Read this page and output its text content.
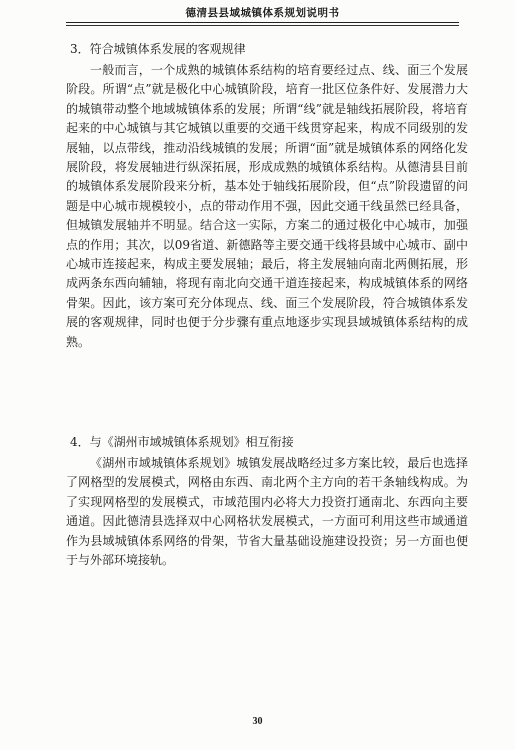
德清县县域城镇体系规划说明书
3．符合城镇体系发展的客观规律

一般而言，一个成熟的城镇体系结构的培育要经过点、线、面三个发展阶段。所谓“点”就是极化中心城镇阶段，培育一批区位条件好、发展潜力大的城镇带动整个地域城镇体系的发展；所谓“线”就是轴线拓展阶段，将培育起来的中心城镇与其它城镇以重要的交通干线贯穿起来，构成不同级别的发展轴，以点带线，推动沿线城镇的发展；所谓“面”就是城镇体系的网络化发展阶段，将发展轴进行纵深拓展，形成成熟的城镇体系结构。从德清县目前的城镇体系发展阶段来分析，基本处于轴线拓展阶段，但“点”阶段遗留的问题是中心城市规模较小，点的带动作用不强，因此交通干线虽然已经具备，但城镇发展轴并不明显。结合这一实际，方案二的通过极化中心城市，加强点的作用；其次，以09省道、新德路等主要交通干线将县域中心城市、副中心城市连接起来，构成主要发展轴；最后，将主发展轴向南北两侧拓展，形成两条东西向辅轴，将现有南北向交通干道连接起来，构成城镇体系的网络骨架。因此，该方案可充分体现点、线、面三个发展阶段，符合城镇体系发展的客观规律，同时也便于分步骤有重点地逐步实现县域城镇体系结构的成熟。

4．与《湖州市域城镇体系规划》相互衔接

《湖州市域城镇体系规划》城镇发展战略经过多方案比较，最后也选择了网格型的发展模式，网格由东西、南北两个主方向的若干条轴线构成。为了实现网格型的发展模式，市域范围内必将大力投资打通南北、东西向主要通道。因此德清县选择双中心网格状发展模式，一方面可利用这些市域通道作为县域城镇体系网络的骨架，节省大量基础设施建设投资；另一方面也便于与外部环境接轨。

30
